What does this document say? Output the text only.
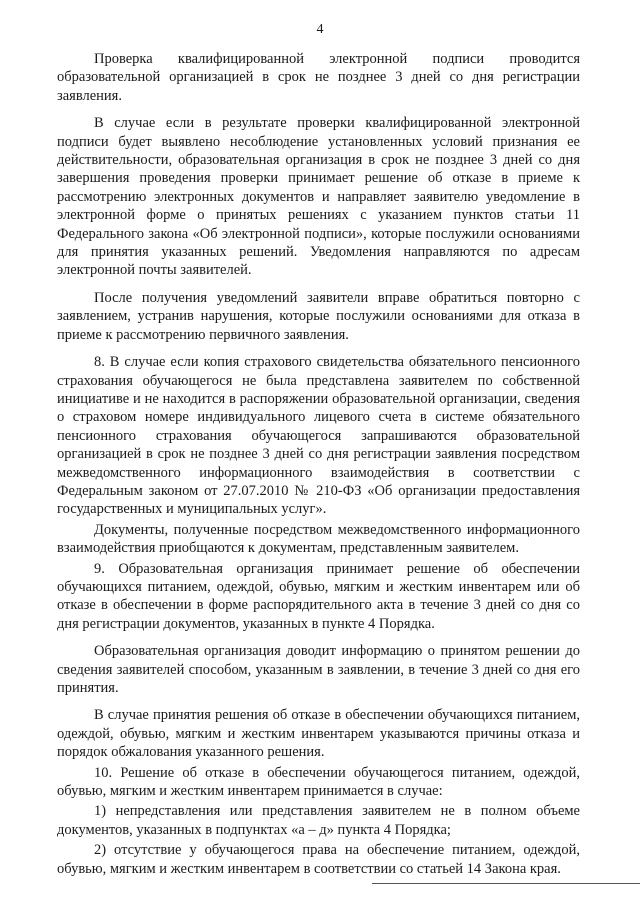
4

Проверка квалифицированной электронной подписи проводится образовательной организацией в срок не позднее 3 дней со дня регистрации заявления.

В случае если в результате проверки квалифицированной электронной подписи будет выявлено несоблюдение установленных условий признания ее действительности, образовательная организация в срок не позднее 3 дней со дня завершения проведения проверки принимает решение об отказе в приеме к рассмотрению электронных документов и направляет заявителю уведомление в электронной форме о принятых решениях с указанием пунктов статьи 11 Федерального закона «Об электронной подписи», которые послужили основаниями для принятия указанных решений. Уведомления направляются по адресам электронной почты заявителей.

После получения уведомлений заявители вправе обратиться повторно с заявлением, устранив нарушения, которые послужили основаниями для отказа в приеме к рассмотрению первичного заявления.

8. В случае если копия страхового свидетельства обязательного пенсионного страхования обучающегося не была представлена заявителем по собственной инициативе и не находится в распоряжении образовательной организации, сведения о страховом номере индивидуального лицевого счета в системе обязательного пенсионного страхования обучающегося запрашиваются образовательной организацией в срок не позднее 3 дней со дня регистрации заявления посредством межведомственного информационного взаимодействия в соответствии с Федеральным законом от 27.07.2010 № 210-ФЗ «Об организации предоставления государственных и муниципальных услуг».

Документы, полученные посредством межведомственного информационного взаимодействия приобщаются к документам, представленным заявителем.

9. Образовательная организация принимает решение об обеспечении обучающихся питанием, одеждой, обувью, мягким и жестким инвентарем или об отказе в обеспечении в форме распорядительного акта в течение 3 дней со дня со дня регистрации документов, указанных в пункте 4 Порядка.

Образовательная организация доводит информацию о принятом решении до сведения заявителей способом, указанным в заявлении, в течение 3 дней со дня его принятия.

В случае принятия решения об отказе в обеспечении обучающихся питанием, одеждой, обувью, мягким и жестким инвентарем указываются причины отказа и порядок обжалования указанного решения.

10. Решение об отказе в обеспечении обучающегося питанием, одеждой, обувью, мягким и жестким инвентарем принимается в случае:

1) непредставления или представления заявителем не в полном объеме документов, указанных в подпунктах «а – д» пункта 4 Порядка;

2) отсутствие у обучающегося права на обеспечение питанием, одеждой, обувью, мягким и жестким инвентарем в соответствии со статьей 14 Закона края.
